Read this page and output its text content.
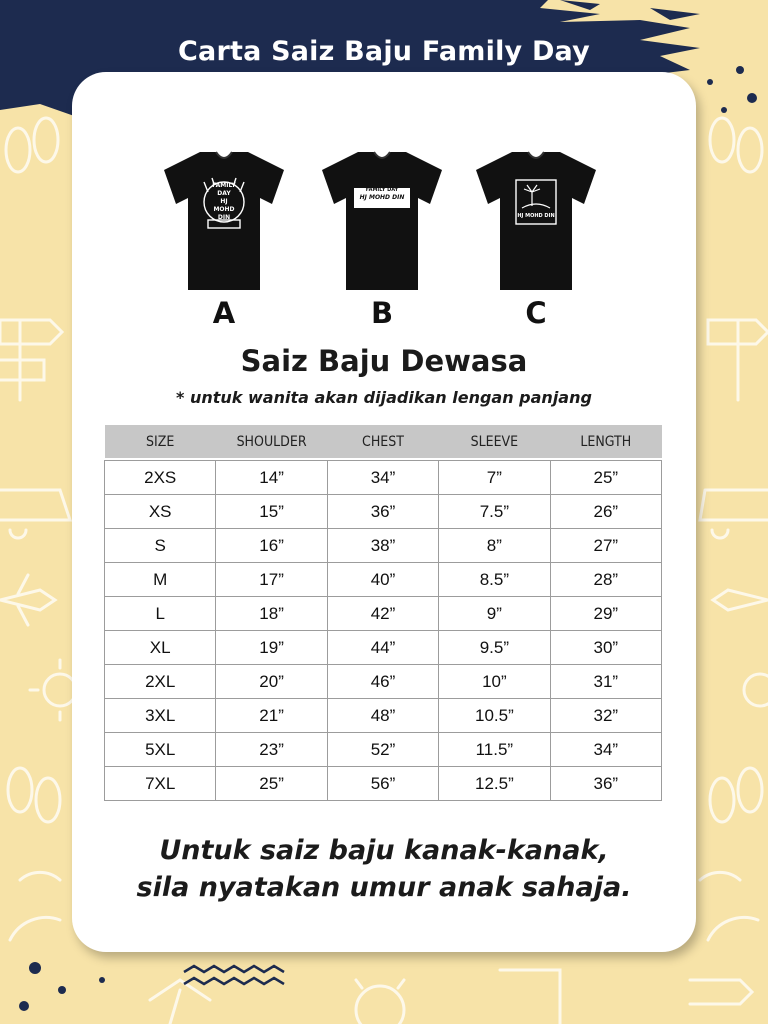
Carta Saiz Baju Family Day
A
FAMILY DAY
HJ
MOHD
DIN
B
FAMILY DAY
HJ MOHD DIN
C
HJ MOHD DIN
Saiz Baju Dewasa
* untuk wanita akan dijadikan lengan panjang
SIZE	SHOULDER	CHEST	SLEEVE	LENGTH

2XS	14”	34”	7”	25”
XS	15”	36”	7.5”	26”
S	16”	38”	8”	27”
M	17”	40”	8.5”	28”
L	18”	42”	9”	29”
XL	19”	44”	9.5”	30”
2XL	20”	46”	10”	31”
3XL	21”	48”	10.5”	32”
5XL	23”	52”	11.5”	34”
7XL	25”	56”	12.5”	36”
Untuk saiz baju kanak-kanak,
sila nyatakan umur anak sahaja.
